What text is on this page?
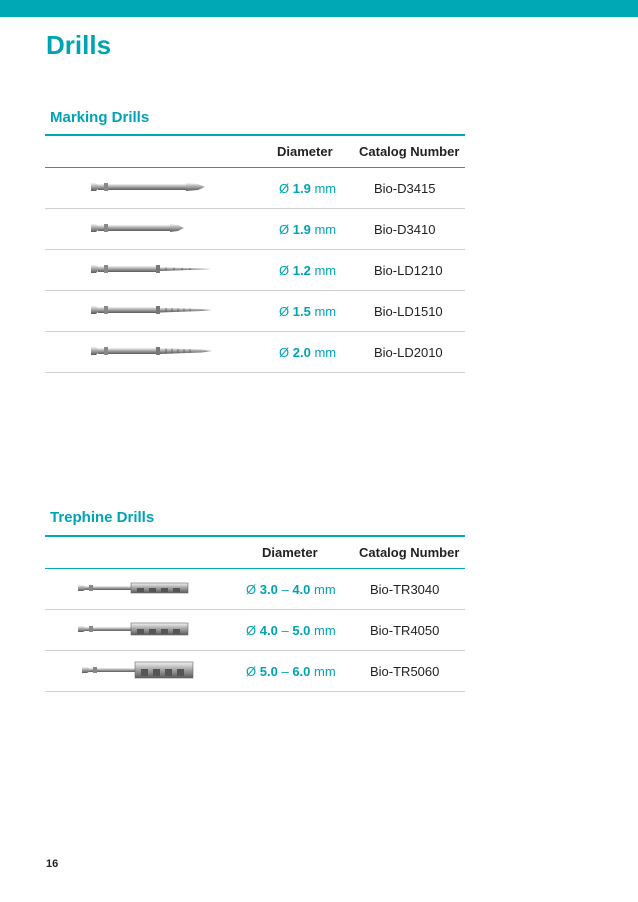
Drills
Marking Drills
Diameter Catalog Number
Ø 1.9 mm	Bio-D3415
Ø 1.9 mm	Bio-D3410
Ø 1.2 mm	Bio-LD1210
Ø 1.5 mm	Bio-LD1510
Ø 2.0 mm	Bio-LD2010
Trephine Drills
Diameter	Catalog Number
Ø 3.0 – 4.0 mm	Bio-TR3040
Ø 4.0 – 5.0 mm	Bio-TR4050
Ø 5.0 – 6.0 mm	Bio-TR5060
16
